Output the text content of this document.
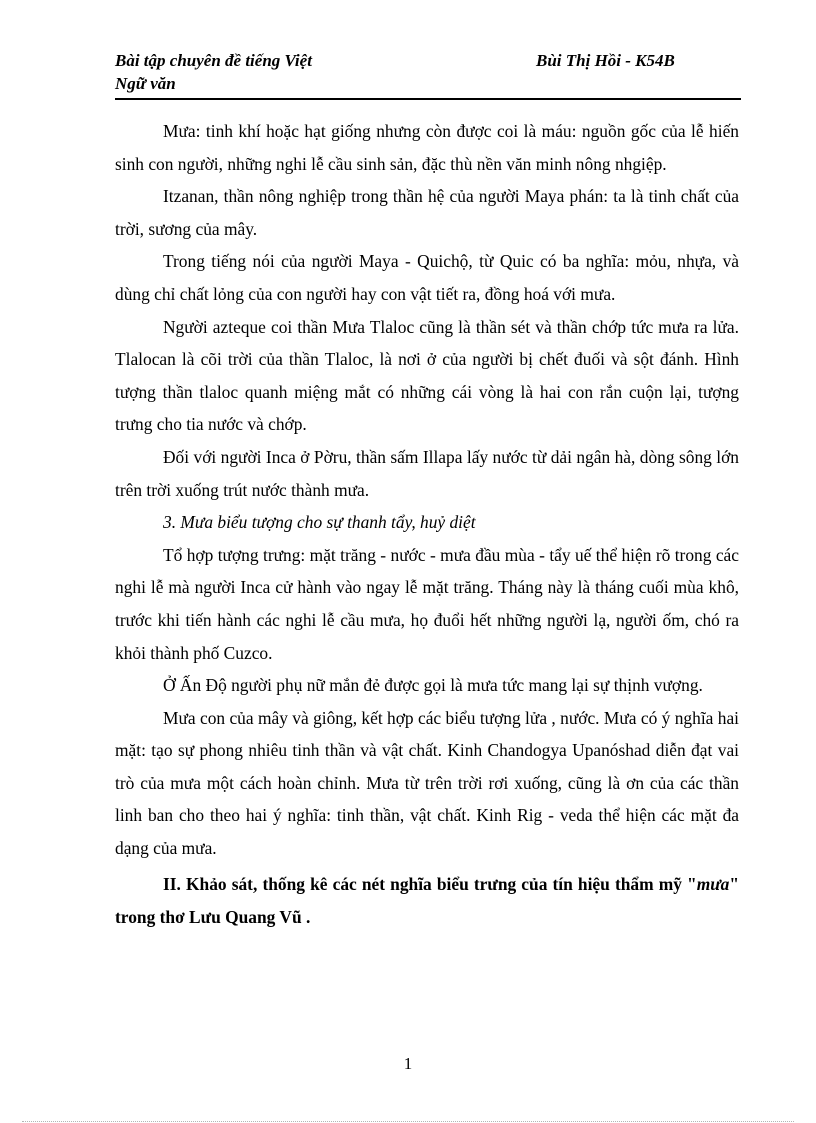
Bài tập chuyên đề tiếng Việt	Bùi Thị Hồi - K54B
Ngữ văn

Mưa: tinh khí hoặc hạt giống nhưng còn được coi là máu: nguồn gốc của lễ hiến sinh con người, những nghi lễ cầu sinh sản, đặc thù nền văn minh nông nhgiệp.

Itzanan, thần nông nghiệp trong thần hệ của người Maya phán: ta là tinh chất của trời, sương của mây.

Trong tiếng nói của người Maya - Quichộ, từ Quic có ba nghĩa: mỏu, nhựa, và dùng chỉ chất lỏng của con người hay con vật tiết ra, đồng hoá với mưa.

Người azteque coi thần Mưa Tlaloc cũng là thần sét và thần chớp tức mưa ra lửa. Tlalocan là cõi trời của thần Tlaloc, là nơi ở của người bị chết đuối và sột đánh. Hình tượng thần tlaloc quanh miệng mắt có những cái vòng là hai con rắn cuộn lại, tượng trưng cho tia nước và chớp.

Đối với người Inca ở Pờru, thần sấm Illapa lấy nước từ dải ngân hà, dòng sông lớn trên trời xuống trút nước thành mưa.

3. Mưa biểu tượng cho sự thanh tẩy, huỷ diệt

Tổ hợp tượng trưng: mặt trăng - nước - mưa đầu mùa - tẩy uế thể hiện rõ trong các nghi lễ mà người Inca cử hành vào ngay lễ mặt trăng. Tháng này là tháng cuối mùa khô, trước khi tiến hành các nghi lễ cầu mưa, họ đuổi hết những người lạ, người ốm, chó ra khỏi thành phố Cuzco.

Ở Ấn Độ người phụ nữ mắn đẻ được gọi là mưa tức mang lại sự thịnh vượng.

Mưa con của mây và giông, kết hợp các biểu tượng lửa , nước. Mưa có ý nghĩa hai mặt: tạo sự phong nhiêu tinh thần và vật chất. Kinh Chandogya Upanóshad diễn đạt vai trò của mưa một cách hoàn chỉnh. Mưa từ trên trời rơi xuống, cũng là ơn của các thần linh ban cho theo hai ý nghĩa: tinh thần, vật chất. Kinh Rig - veda thể hiện các mặt đa dạng của mưa.

II. Khảo sát, thống kê các nét nghĩa biểu trưng của tín hiệu thẩm mỹ "mưa" trong thơ Lưu Quang Vũ .

1
